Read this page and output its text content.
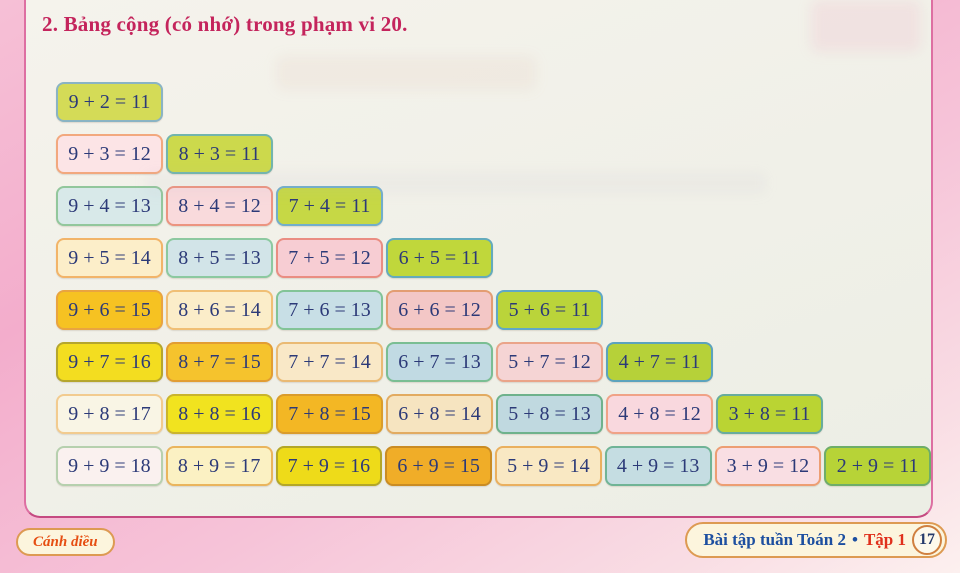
2. Bảng cộng (có nhớ) trong phạm vi 20.
9 + 2 = 11
9 + 3 = 12	8 + 3 = 11
9 + 4 = 13	8 + 4 = 12	7 + 4 = 11
9 + 5 = 14	8 + 5 = 13	7 + 5 = 12	6 + 5 = 11
9 + 6 = 15	8 + 6 = 14	7 + 6 = 13	6 + 6 = 12	5 + 6 = 11
9 + 7 = 16	8 + 7 = 15	7 + 7 = 14	6 + 7 = 13	5 + 7 = 12	4 + 7 = 11
9 + 8 = 17	8 + 8 = 16	7 + 8 = 15	6 + 8 = 14	5 + 8 = 13	4 + 8 = 12	3 + 8 = 11
9 + 9 = 18	8 + 9 = 17	7 + 9 = 16	6 + 9 = 15	5 + 9 = 14	4 + 9 = 13	3 + 9 = 12	2 + 9 = 11
Cánh diều	Bài tập tuần Toán 2 • Tập 1 17
